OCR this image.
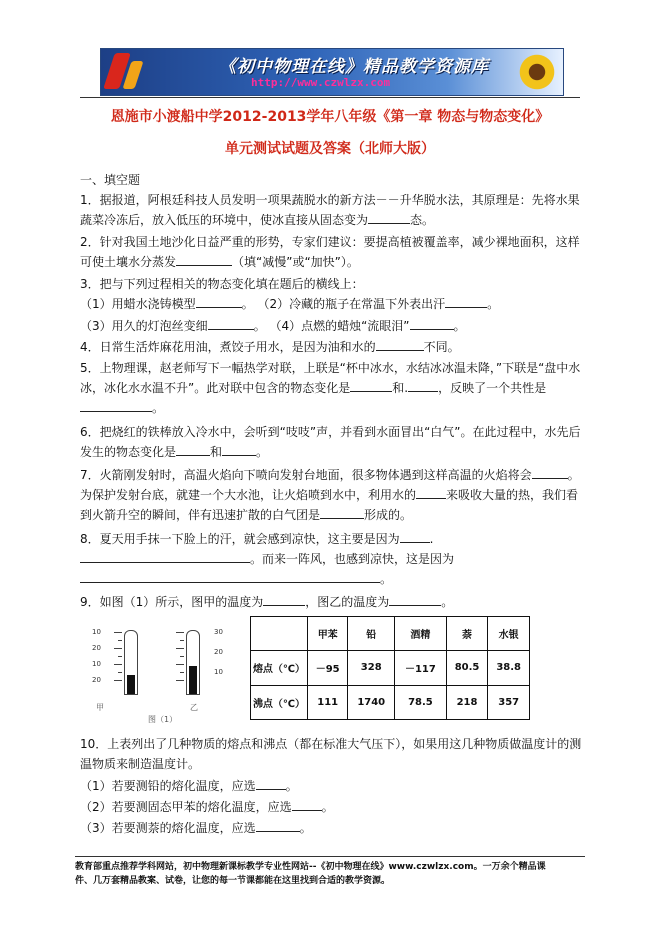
《初中物理在线》精品教学资源库
http://www.czwlzx.com

恩施市小渡船中学2012-2013学年八年级《第一章 物态与物态变化》

单元测试试题及答案（北师大版）

一、填空题

1．据报道，阿根廷科技人员发明一项果蔬脱水的新方法－－升华脱水法，其原理是：先将水果蔬菜冷冻后，放入低压的环境中，使冰直接从固态变为	态。

2．针对我国土地沙化日益严重的形势，专家们建议：要提高植被覆盖率，减少裸地面积，这样可使土壤水分蒸发	（填“减慢”或“加快”）。

3．把与下列过程相关的物态变化填在题后的横线上：

（1）用蜡水浇铸模型	。 （2）冷藏的瓶子在常温下外表出汗	。

（3）用久的灯泡丝变细	。 （4）点燃的蜡烛“流眼泪”	。

4．日常生活炸麻花用油，煮饺子用水，是因为油和水的	不同。

5．上物理课，赵老师写下一幅热学对联，上联是“杯中冰水，水结冰冰温未降，”下联是“盘中水冰，冰化水水温不升”。此对联中包含的物态变化是	和.	，反映了一个共性是。

6．把烧红的铁棒放入冷水中，会听到“吱吱”声，并看到水面冒出“白气”。在此过程中，水先后发生的物态变化是	和	。

7．火箭刚发射时，高温火焰向下喷向发射台地面，很多物体遇到这样高温的火焰将会	。为保护发射台底，就建一个大水池，让火焰喷到水中，利用水的	来吸收大量的热，我们看到火箭升空的瞬间，伴有迅速扩散的白气团是	形成的。

8．夏天用手抹一下脸上的汗，就会感到凉快，这主要是因为	.。而来一阵风，也感到凉快，这是因为。

9．如图（1）所示，图甲的温度为	，图乙的温度为	。

10
20
10
20
甲
30
20
10
乙
图（1）
	甲苯	铅	酒精	萘	水银
熔点（℃）	－95	328	－117	80.5	38.8
沸点（℃）	111	1740	78.5	218	357

10．上表列出了几种物质的熔点和沸点（都在标准大气压下），如果用这几种物质做温度计的测温物质来制造温度计。

（1）若要测铅的熔化温度，应选	。

（2）若要测固态甲苯的熔化温度，应选	。

（3）若要测萘的熔化温度，应选	。

教育部重点推荐学科网站，初中物理新课标教学专业性网站--《初中物理在线》www.czwlzx.com。一万余个精品课
件、几万套精品教案、试卷，让您的每一节课都能在这里找到合适的教学资源。
